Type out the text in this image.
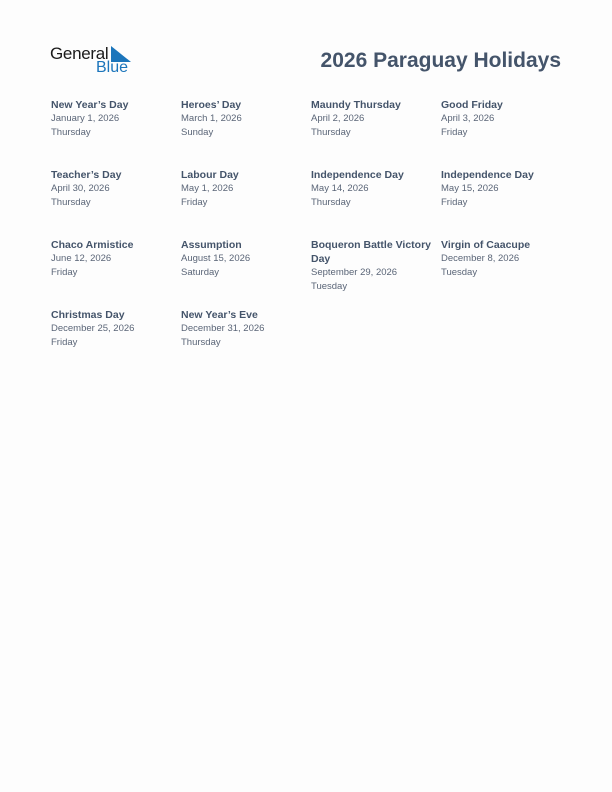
General
Blue	2026 Paraguay Holidays
New Year’s Day
January 1, 2026
Thursday
Heroes’ Day
March 1, 2026
Sunday
Maundy Thursday
April 2, 2026
Thursday
Good Friday
April 3, 2026
Friday
Teacher’s Day
April 30, 2026
Thursday
Labour Day
May 1, 2026
Friday
Independence Day
May 14, 2026
Thursday
Independence Day
May 15, 2026
Friday
Chaco Armistice
June 12, 2026
Friday
Assumption
August 15, 2026
Saturday
Boqueron Battle Victory Day
September 29, 2026
Tuesday
Virgin of Caacupe
December 8, 2026
Tuesday
Christmas Day
December 25, 2026
Friday
New Year’s Eve
December 31, 2026
Thursday
